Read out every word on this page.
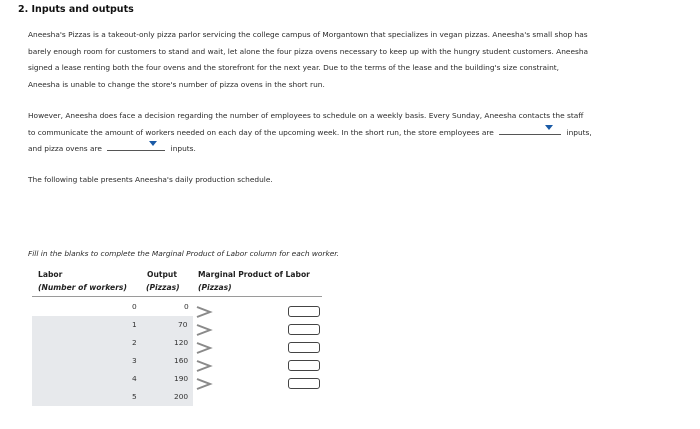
2. Inputs and outputs
Aneesha's Pizzas is a takeout-only pizza parlor servicing the college campus of Morgantown that specializes in vegan pizzas. Aneesha's small shop has
barely enough room for customers to stand and wait, let alone the four pizza ovens necessary to keep up with the hungry student customers. Aneesha
signed a lease renting both the four ovens and the storefront for the next year. Due to the terms of the lease and the building's size constraint,
Aneesha is unable to change the store's number of pizza ovens in the short run.
However, Aneesha does face a decision regarding the number of employees to schedule on a weekly basis. Every Sunday, Aneesha contacts the staff
to communicate the amount of workers needed on each day of the upcoming week. In the short run, the store employees are	inputs,
and pizza ovens are	inputs.
The following table presents Aneesha's daily production schedule.
Fill in the blanks to complete the Marginal Product of Labor column for each worker.
Labor
(Number of workers)
Output
(Pizzas)
Marginal Product of Labor
(Pizzas)
0	0
1	70
2	120
3	160
4	190
5	200
